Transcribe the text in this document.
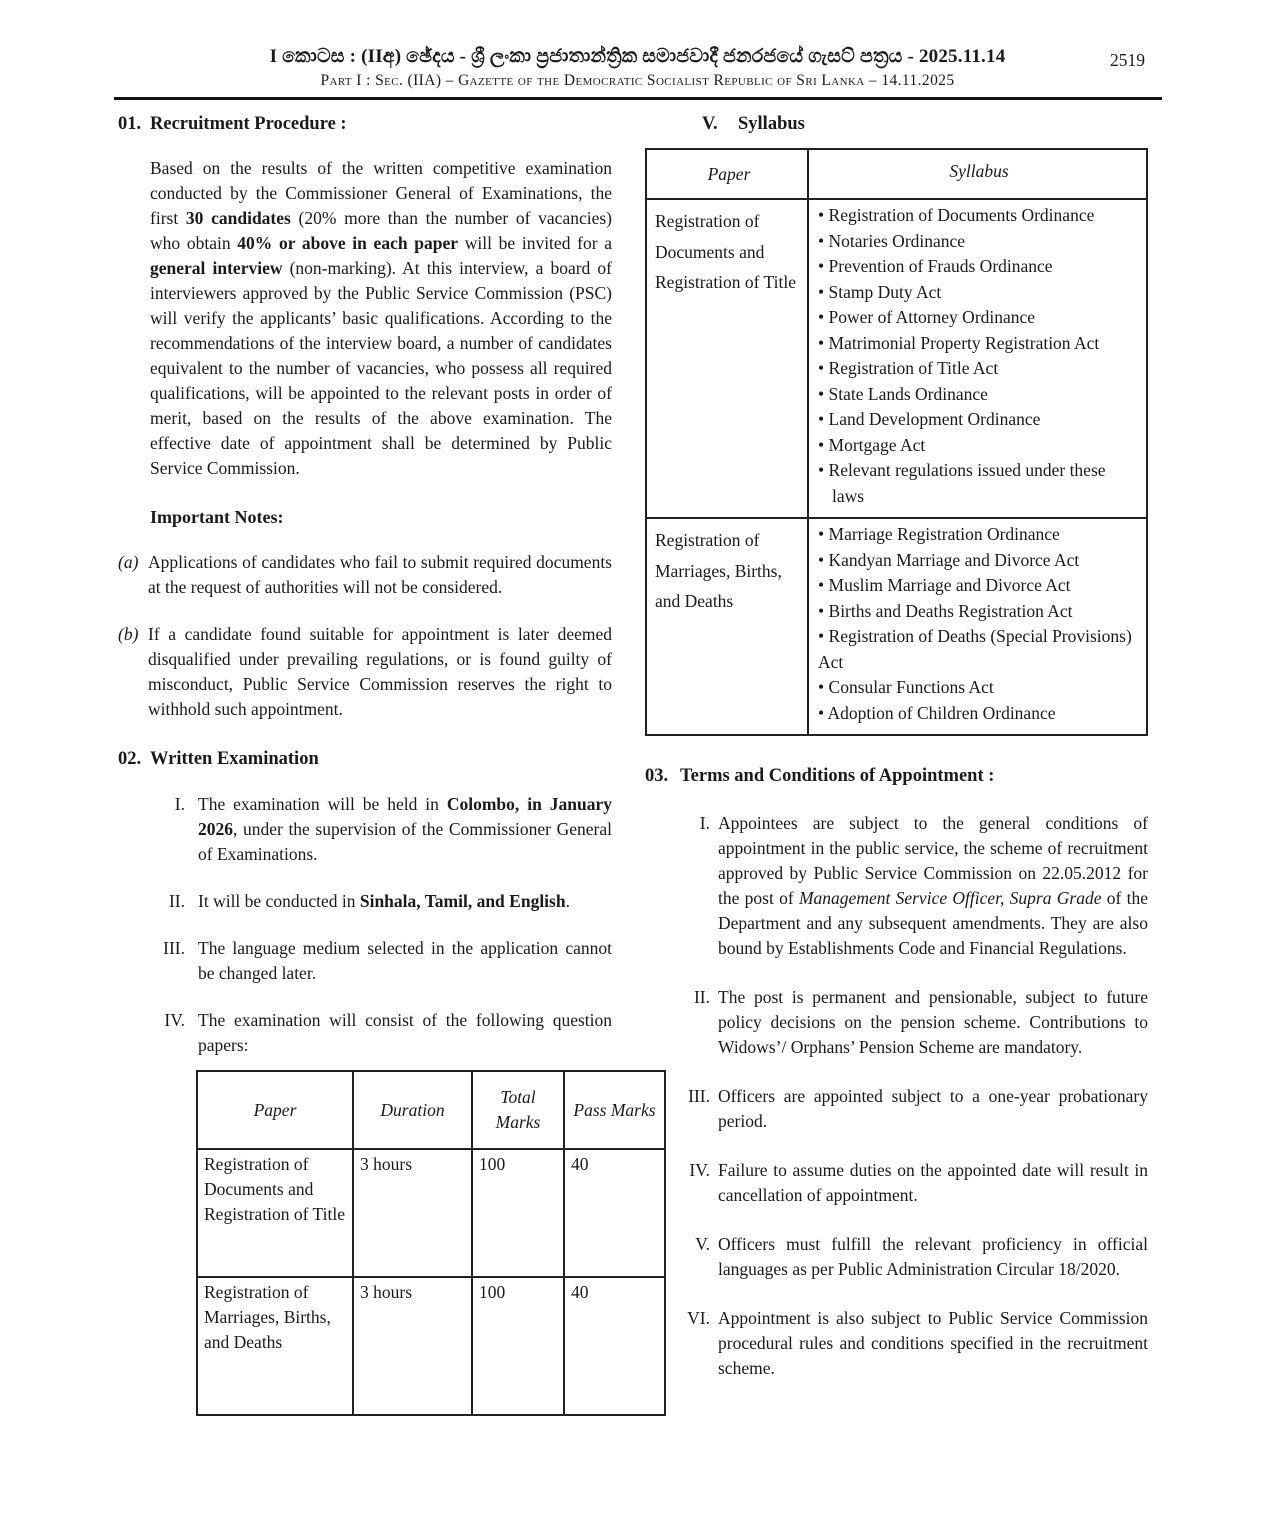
I කොටස : (IIඅ) ඡේදය - ශ්‍රී ලංකා ප්‍රජාතාන්ත්‍රික සමාජවාදී ජනරජයේ ගැසට් පත්‍රය - 2025.11.14	2519
Part I : Sec. (IIA) – Gazette of the Democratic Socialist Republic of Sri Lanka – 14.11.2025
01. Recruitment Procedure :

Based on the results of the written competitive examination conducted by the Commissioner General of Examinations, the first 30 candidates (20% more than the number of vacancies) who obtain 40% or above in each paper will be invited for a general interview (non-marking). At this interview, a board of interviewers approved by the Public Service Commission (PSC) will verify the applicants’ basic qualifications. According to the recommendations of the interview board, a number of candidates equivalent to the number of vacancies, who possess all required qualifications, will be appointed to the relevant posts in order of merit, based on the results of the above examination. The effective date of appointment shall be determined by Public Service Commission.

Important Notes:
(a) Applications of candidates who fail to submit required documents at the request of authorities will not be considered.
(b) If a candidate found suitable for appointment is later deemed disqualified under prevailing regulations, or is found guilty of misconduct, Public Service Commission reserves the right to withhold such appointment.
02. Written Examination
I. The examination will be held in Colombo, in January 2026, under the supervision of the Commissioner General of Examinations.
II. It will be conducted in Sinhala, Tamil, and English.
III. The language medium selected in the application cannot be changed later.
IV. The examination will consist of the following question papers:
Paper	Duration	Total Marks	Pass Marks
Registration of Documents and Registration of Title	3 hours	100	40
Registration of Marriages, Births, and Deaths	3 hours	100	40
V.	Syllabus
Paper	Syllabus
Registration of Documents and Registration of Title	
• Registration of Documents Ordinance
• Notaries Ordinance
• Prevention of Frauds Ordinance
• Stamp Duty Act
• Power of Attorney Ordinance
• Matrimonial Property Registration Act
• Registration of Title Act
• State Lands Ordinance
• Land Development Ordinance
• Mortgage Act
• Relevant regulations issued under these laws

Registration of Marriages, Births, and Deaths	
• Marriage Registration Ordinance
• Kandyan Marriage and Divorce Act
• Muslim Marriage and Divorce Act
• Births and Deaths Registration Act
• Registration of Deaths (Special Provisions) Act
• Consular Functions Act
• Adoption of Children Ordinance
03. Terms and Conditions of Appointment :
I. Appointees are subject to the general conditions of appointment in the public service, the scheme of recruitment approved by Public Service Commission on 22.05.2012 for the post of Management Service Officer, Supra Grade of the Department and any subsequent amendments. They are also bound by Establishments Code and Financial Regulations.
II. The post is permanent and pensionable, subject to future policy decisions on the pension scheme. Contributions to Widows’/ Orphans’ Pension Scheme are mandatory.
III. Officers are appointed subject to a one-year probationary period.
IV. Failure to assume duties on the appointed date will result in cancellation of appointment.
V. Officers must fulfill the relevant proficiency in official languages as per Public Administration Circular 18/2020.
VI. Appointment is also subject to Public Service Commission procedural rules and conditions specified in the recruitment scheme.
